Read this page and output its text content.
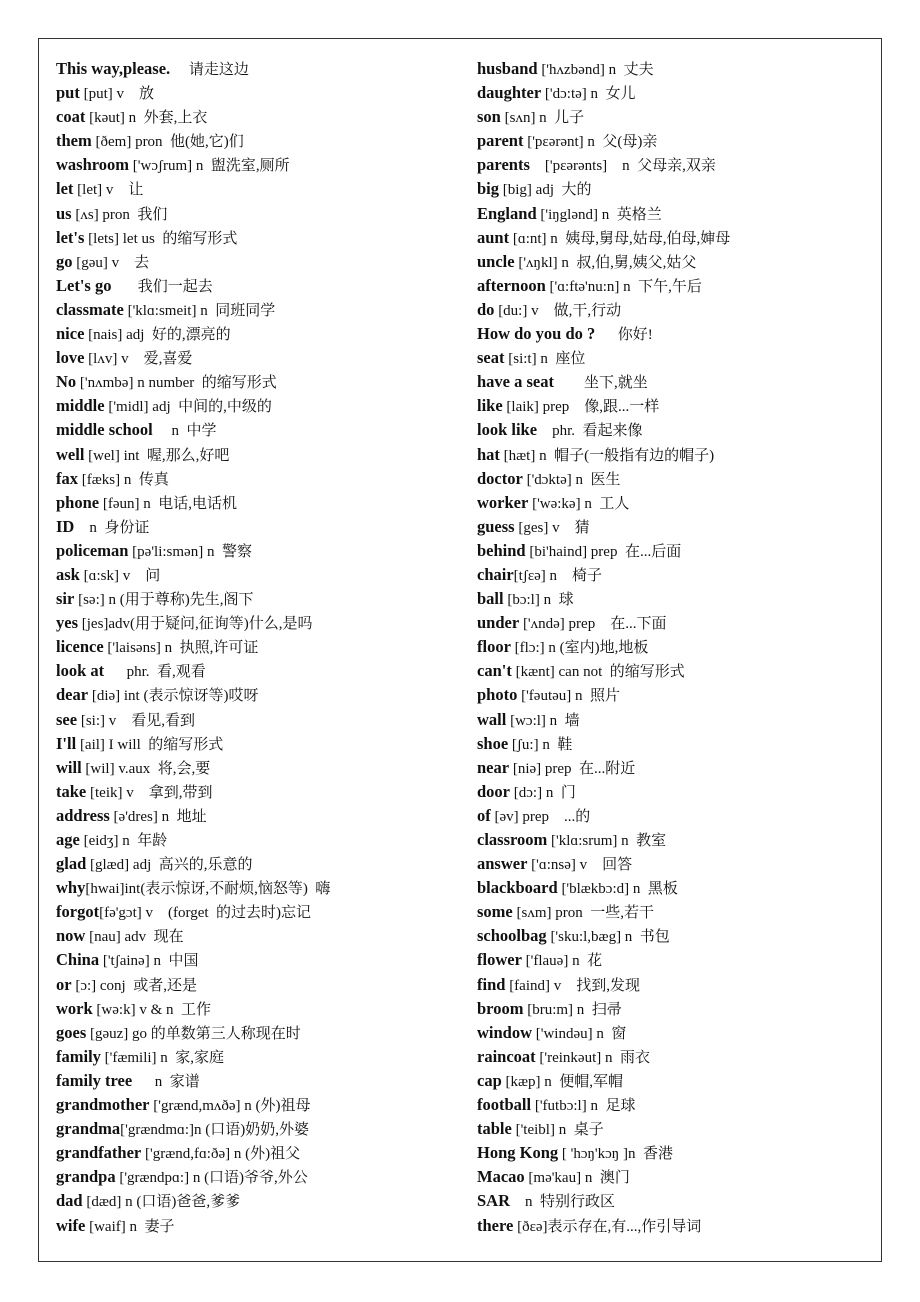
This way,please.     请走这边
put [put] v    放
coat [kəut] n  外套,上衣
them [ðem] pron  他(她,它)们
washroom ['wɔʃrum] n  盥洗室,厕所
let [let] v    让
us [ʌs] pron  我们
let's [lets] let us  的缩写形式
go [gəu] v    去
Let's go       我们一起去
classmate ['klɑ:smeit] n  同班同学
nice [nais] adj  好的,漂亮的
love [lʌv] v    爱,喜爱
No ['nʌmbə] n number  的缩写形式
middle ['midl] adj  中间的,中级的
middle school     n  中学
well [wel] int  喔,那么,好吧
fax [fæks] n  传真
phone [fəun] n  电话,电话机
ID    n  身份证
policeman [pə'li:smən] n  警察
ask [ɑ:sk] v    问
sir [sə:] n (用于尊称)先生,阁下
yes [jes]adv(用于疑问,征询等)什么,是吗
licence ['laisəns] n  执照,许可证
look at      phr.  看,观看
dear [diə] int (表示惊讶等)哎呀
see [si:] v    看见,看到
I'll [ail] I will  的缩写形式
will [wil] v.aux  将,会,要
take [teik] v    拿到,带到
address [ə'dres] n  地址
age [eidʒ] n  年龄
glad [glæd] adj  高兴的,乐意的
why[hwai]int(表示惊讶,不耐烦,恼怒等)  嗨
forgot[fə'gɔt] v    (forget  的过去时)忘记
now [nau] adv  现在
China ['tʃainə] n  中国
or [ɔ:] conj  或者,还是
work [wə:k] v & n  工作
goes [gəuz] go 的单数第三人称现在时
family ['fæmili] n  家,家庭
family tree      n  家谱
grandmother ['grænd,mʌðə] n (外)祖母
grandma['grændmɑ:]n (口语)奶奶,外婆
grandfather ['grænd,fɑ:ðə] n (外)祖父
grandpa ['grændpɑ:] n (口语)爷爷,外公
dad [dæd] n (口语)爸爸,爹爹
wife [waif] n  妻子
husband ['hʌzbənd] n  丈夫
daughter ['dɔ:tə] n  女儿
son [sʌn] n  儿子
parent ['pɛərənt] n  父(母)亲
parents    ['pɛərənts]    n  父母亲,双亲
big [big] adj  大的
England ['iŋglənd] n  英格兰
aunt [ɑ:nt] n  姨母,舅母,姑母,伯母,婶母
uncle ['ʌŋkl] n  叔,伯,舅,姨父,姑父
afternoon ['ɑ:ftə'nu:n] n  下午,午后
do [du:] v    做,干,行动
How do you do ?      你好!
seat [si:t] n  座位
have a seat        坐下,就坐
like [laik] prep    像,跟...一样
look like    phr.  看起来像
hat [hæt] n  帽子(一般指有边的帽子)
doctor ['dɔktə] n  医生
worker ['wə:kə] n  工人
guess [ges] v    猜
behind [bi'haind] prep  在...后面
chair[tʃɛə] n    椅子
ball [bɔ:l] n  球
under ['ʌndə] prep    在...下面
floor [flɔ:] n (室内)地,地板
can't [kænt] can not  的缩写形式
photo ['fəutəu] n  照片
wall [wɔ:l] n  墙
shoe [ʃu:] n  鞋
near [niə] prep  在...附近
door [dɔ:] n  门
of [əv] prep    ...的
classroom ['klɑ:srum] n  教室
answer ['ɑ:nsə] v    回答
blackboard ['blækbɔ:d] n  黑板
some [sʌm] pron  一些,若干
schoolbag ['sku:l,bæg] n  书包
flower ['flauə] n  花
find [faind] v    找到,发现
broom [bru:m] n  扫帚
window ['windəu] n  窗
raincoat ['reinkəut] n  雨衣
cap [kæp] n  便帽,军帽
football ['futbɔ:l] n  足球
table ['teibl] n  桌子
Hong Kong [ 'hɔŋ'kɔŋ ]n  香港
Macao [mə'kau] n  澳门
SAR    n  特别行政区
there [ðɛə]表示存在,有...,作引导词
